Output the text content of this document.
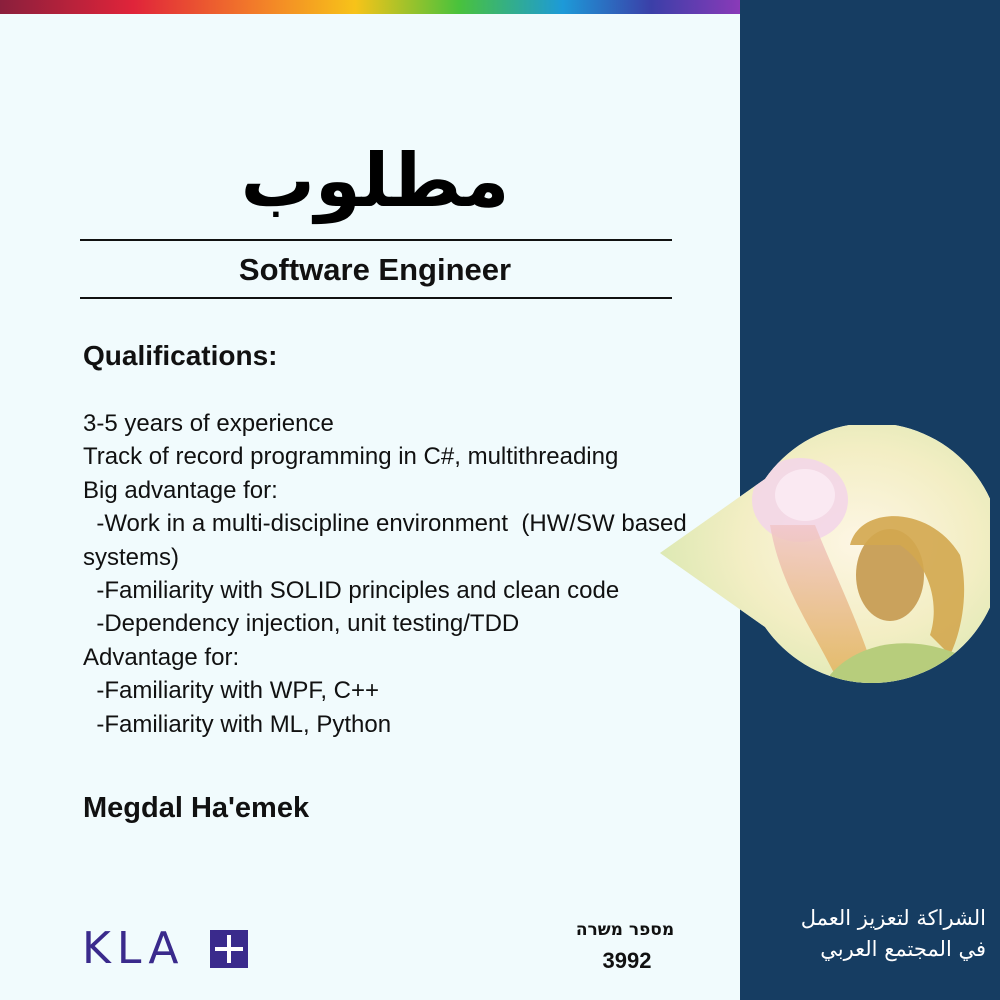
مطلوب
Software Engineer
Qualifications:
3-5 years of experience
Track of record programming in C#, multithreading
Big advantage for:
-Work in a multi-discipline environment  (HW/SW based systems)
-Familiarity with SOLID principles and clean code
-Dependency injection, unit testing/TDD
Advantage for:
-Familiarity with WPF, C++
-Familiarity with ML, Python
Megdal Ha'emek
KLA	מספר משרה
3992
الشراكة لتعزيز العمل
في المجتمع العربي
